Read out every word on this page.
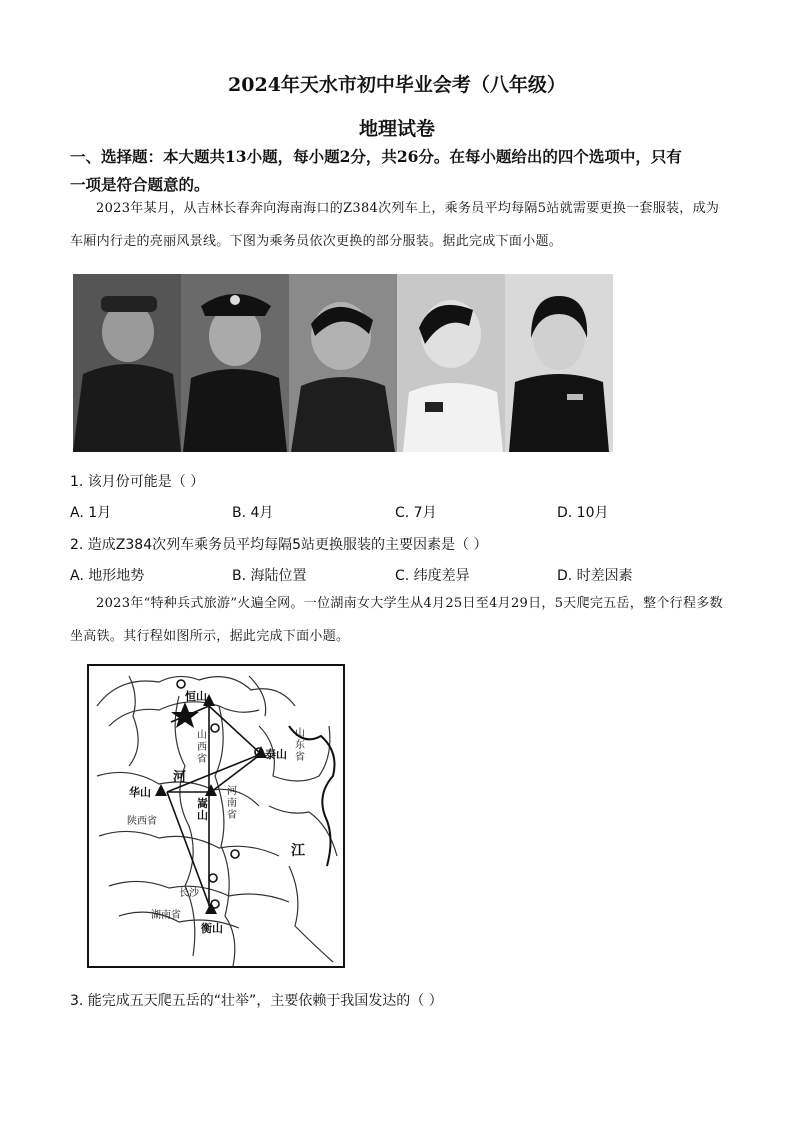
2024年天水市初中毕业会考（八年级）
地理试卷
一、选择题：本大题共13小题，每小题2分，共26分。在每小题给出的四个选项中，只有
一项是符合题意的。
2023年某月，从吉林长春奔向海南海口的Z384次列车上，乘务员平均每隔5站就需要更换一套服装，成为车厢内行走的亮丽风景线。下图为乘务员依次更换的部分服装。据此完成下面小题。
1. 该月份可能是（ ）
A. 1月	B. 4月	C. 7月	D. 10月
2. 造成Z384次列车乘务员平均每隔5站更换服装的主要因素是（ ）
A. 地形地势	B. 海陆位置	C. 纬度差异	D. 时差因素
2023年“特种兵式旅游”火遍全网。一位湖南女大学生从4月25日至4月29日，5天爬完五岳，整个行程多数坐高铁。其行程如图所示，据此完成下面小题。
恒山
山西省
河
华山
陕西省
嵩山
河南省
泰山
山东省
江
长沙
湖南省
衡山
3. 能完成五天爬五岳的“壮举”，主要依赖于我国发达的（ ）
